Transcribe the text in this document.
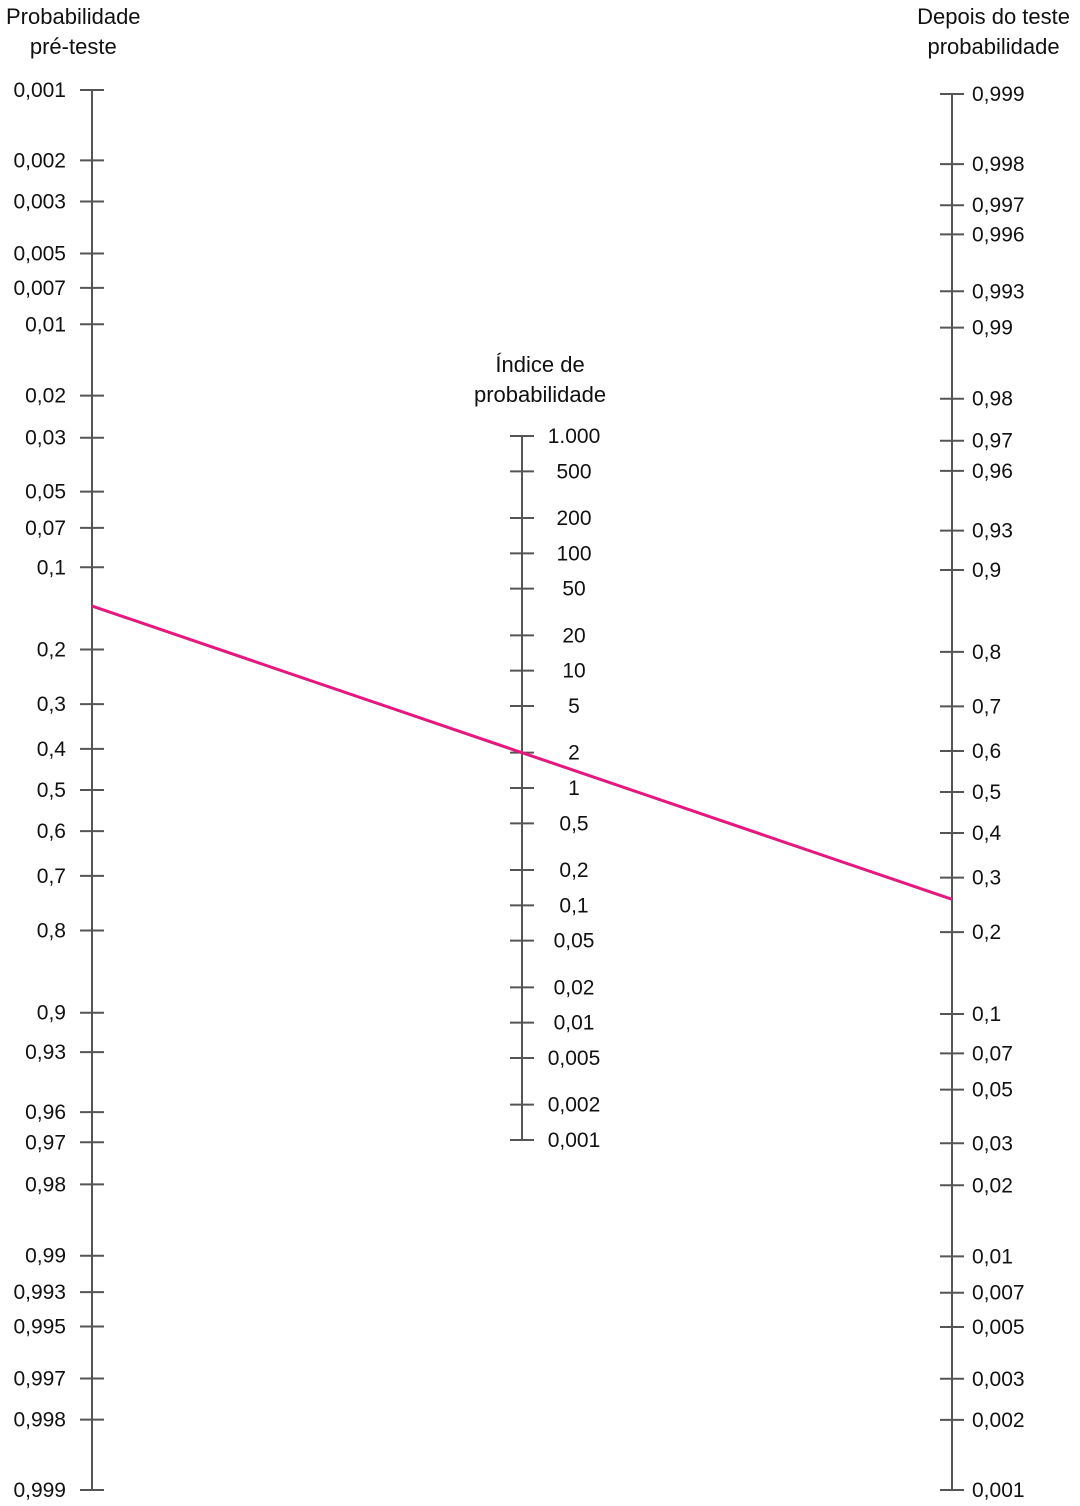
Probabilidade
pré-teste
Índice de
probabilidade
Depois do teste
probabilidade
0,001
0,002
0,003
0,005
0,007
0,01
0,02
0,03
0,05
0,07
0,1
0,2
0,3
0,4
0,5
0,6
0,7
0,8
0,9
0,93
0,96
0,97
0,98
0,99
0,993
0,995
0,997
0,998
0,999
1.000
500
200
100
50
20
10
5
2
1
0,5
0,2
0,1
0,05
0,02
0,01
0,005
0,002
0,001
0,999
0,998
0,997
0,996
0,993
0,99
0,98
0,97
0,96
0,93
0,9
0,8
0,7
0,6
0,5
0,4
0,3
0,2
0,1
0,07
0,05
0,03
0,02
0,01
0,007
0,005
0,003
0,002
0,001
